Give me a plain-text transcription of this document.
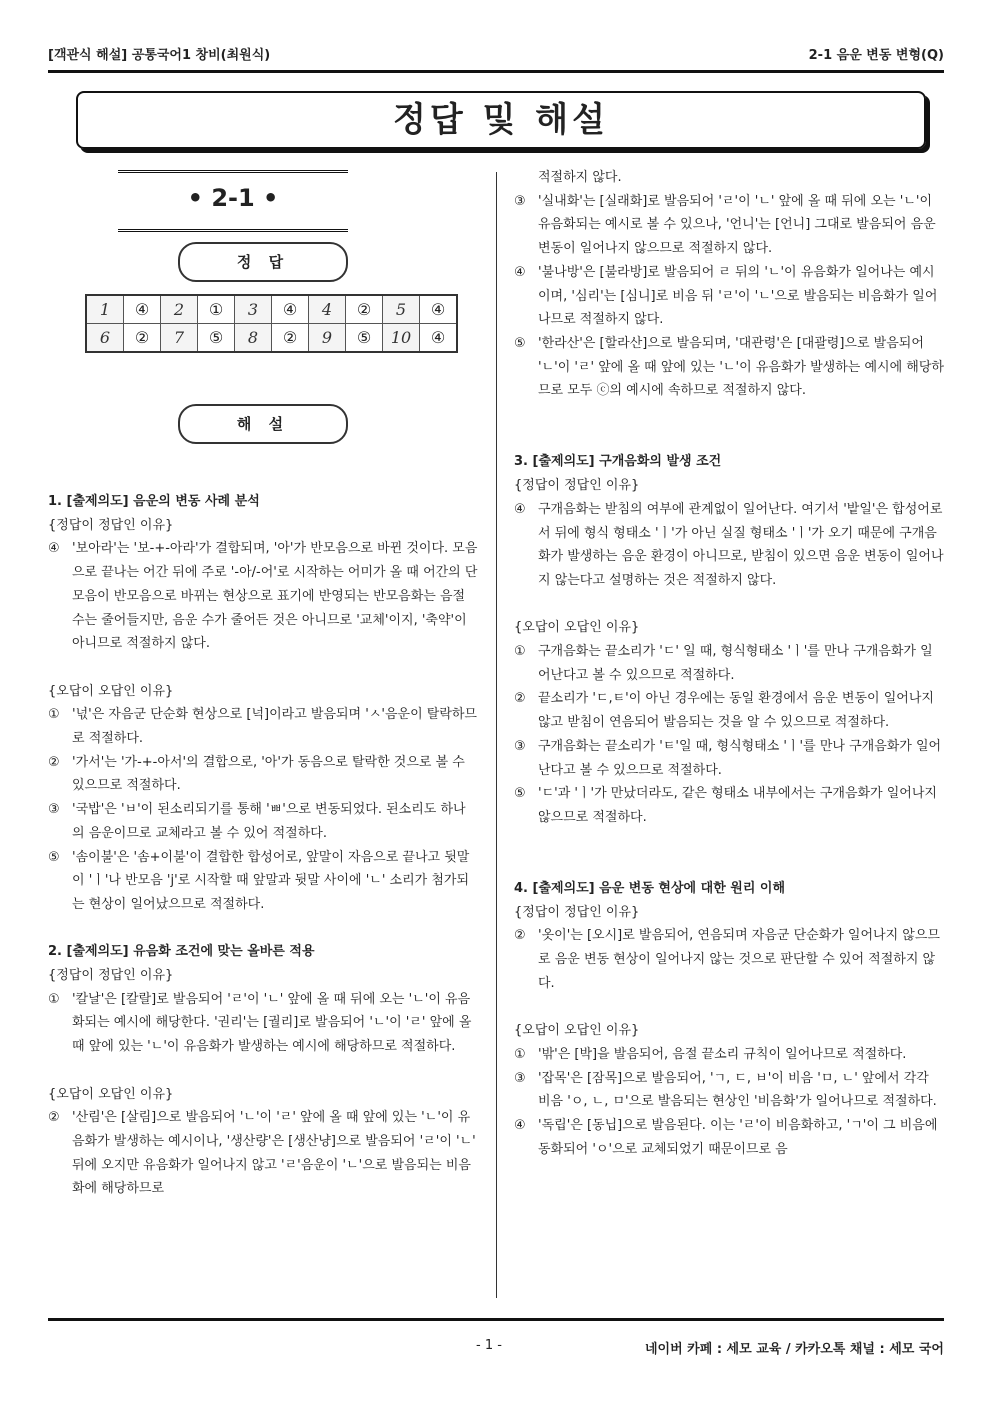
[객관식 해설] 공통국어1 창비(최원식)	2-1 음운 변동 변형(Q)
정답 및 해설
• 2-1 •
정 답
1	④	2	①	3	④	4	②	5	④
6	②	7	⑤	8	②	9	⑤	10	④
해 설

1. [출제의도] 음운의 변동 사례 분석

{정답이 정답인 이유}

④ '보아라'는 '보-+-아라'가 결합되며, '아'가 반모음으로 바뀐 것이다. 모음으로 끝나는 어간 뒤에 주로 '-아/-어'로 시작하는 어미가 올 때 어간의 단모음이 반모음으로 바뀌는 현상으로 표기에 반영되는 반모음화는 음절 수는 줄어들지만, 음운 수가 줄어든 것은 아니므로 '교체'이지, '축약'이 아니므로 적절하지 않다.

{오답이 오답인 이유}

① '넋'은 자음군 단순화 현상으로 [넉]이라고 발음되며 'ㅅ'음운이 탈락하므로 적절하다.
② '가서'는 '가-+-아서'의 결합으로, '아'가 동음으로 탈락한 것으로 볼 수 있으므로 적절하다.
③ '국밥'은 'ㅂ'이 된소리되기를 통해 'ㅃ'으로 변동되었다. 된소리도 하나의 음운이므로 교체라고 볼 수 있어 적절하다.
⑤ '솜이불'은 '솜+이불'이 결합한 합성어로, 앞말이 자음으로 끝나고 뒷말이 'ㅣ'나 반모음 'j'로 시작할 때 앞말과 뒷말 사이에 'ㄴ' 소리가 첨가되는 현상이 일어났으므로 적절하다.

2. [출제의도] 유음화 조건에 맞는 올바른 적용

{정답이 정답인 이유}

① '칼날'은 [칼랄]로 발음되어 'ㄹ'이 'ㄴ' 앞에 올 때 뒤에 오는 'ㄴ'이 유음화되는 예시에 해당한다. '권리'는 [궐리]로 발음되어 'ㄴ'이 'ㄹ' 앞에 올 때 앞에 있는 'ㄴ'이 유음화가 발생하는 예시에 해당하므로 적절하다.

{오답이 오답인 이유}

② '산림'은 [살림]으로 발음되어 'ㄴ'이 'ㄹ' 앞에 올 때 앞에 있는 'ㄴ'이 유음화가 발생하는 예시이나, '생산량'은 [생산냥]으로 발음되어 'ㄹ'이 'ㄴ' 뒤에 오지만 유음화가 일어나지 않고 'ㄹ'음운이 'ㄴ'으로 발음되는 비음화에 해당하므로

적절하지 않다.

③ '실내화'는 [실래화]로 발음되어 'ㄹ'이 'ㄴ' 앞에 올 때 뒤에 오는 'ㄴ'이 유음화되는 예시로 볼 수 있으나, '언니'는 [언니] 그대로 발음되어 음운 변동이 일어나지 않으므로 적절하지 않다.
④ '불나방'은 [불라방]로 발음되어 ㄹ 뒤의 'ㄴ'이 유음화가 일어나는 예시이며, '심리'는 [심니]로 비음 뒤 'ㄹ'이 'ㄴ'으로 발음되는 비음화가 일어나므로 적절하지 않다.
⑤ '한라산'은 [할라산]으로 발음되며, '대관령'은 [대괄령]으로 발음되어 'ㄴ'이 'ㄹ' 앞에 올 때 앞에 있는 'ㄴ'이 유음화가 발생하는 예시에 해당하므로 모두 ⓒ의 예시에 속하므로 적절하지 않다.

3. [출제의도] 구개음화의 발생 조건

{정답이 정답인 이유}

④ 구개음화는 받침의 여부에 관계없이 일어난다. 여기서 '밭일'은 합성어로서 뒤에 형식 형태소 'ㅣ'가 아닌 실질 형태소 'ㅣ'가 오기 때문에 구개음화가 발생하는 음운 환경이 아니므로, 받침이 있으면 음운 변동이 일어나지 않는다고 설명하는 것은 적절하지 않다.

{오답이 오답인 이유}

① 구개음화는 끝소리가 'ㄷ' 일 때, 형식형태소 'ㅣ'를 만나 구개음화가 일어난다고 볼 수 있으므로 적절하다.
② 끝소리가 'ㄷ,ㅌ'이 아닌 경우에는 동일 환경에서 음운 변동이 일어나지 않고 받침이 연음되어 발음되는 것을 알 수 있으므로 적절하다.
③ 구개음화는 끝소리가 'ㅌ'일 때, 형식형태소 'ㅣ'를 만나 구개음화가 일어난다고 볼 수 있으므로 적절하다.
⑤ 'ㄷ'과 'ㅣ'가 만났더라도, 같은 형태소 내부에서는 구개음화가 일어나지 않으므로 적절하다.

4. [출제의도] 음운 변동 현상에 대한 원리 이해

{정답이 정답인 이유}

② '옷이'는 [오시]로 발음되어, 연음되며 자음군 단순화가 일어나지 않으므로 음운 변동 현상이 일어나지 않는 것으로 판단할 수 있어 적절하지 않다.

{오답이 오답인 이유}

① '밖'은 [박]을 발음되어, 음절 끝소리 규칙이 일어나므로 적절하다.
③ '잡목'은 [잠목]으로 발음되어, 'ㄱ, ㄷ, ㅂ'이 비음 'ㅁ, ㄴ' 앞에서 각각 비음 'ㅇ, ㄴ, ㅁ'으로 발음되는 현상인 '비음화'가 일어나므로 적절하다.
④ '독립'은 [동닙]으로 발음된다. 이는 'ㄹ'이 비음화하고, 'ㄱ'이 그 비음에 동화되어 'ㅇ'으로 교체되었기 때문이므로 음
- 1 -	네이버 카페 : 세모 교육 / 카카오톡 채널 : 세모 국어
